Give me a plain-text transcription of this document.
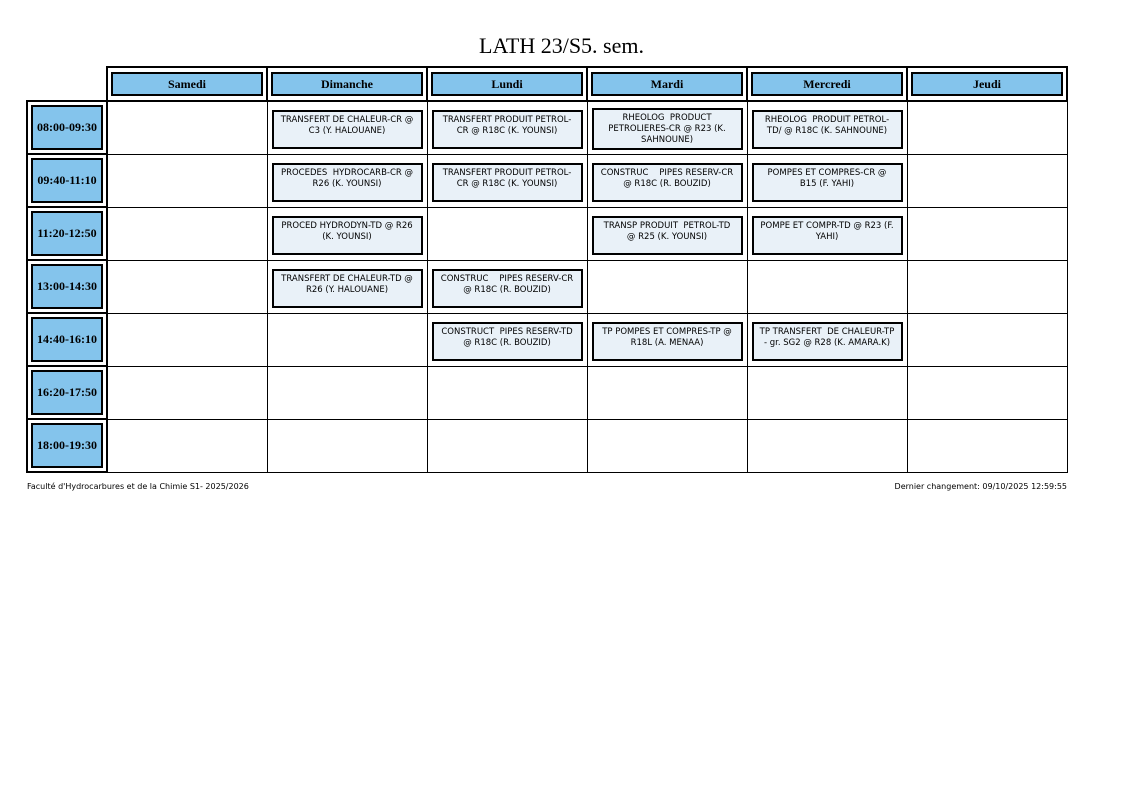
LATH 23/S5. sem.

	Samedi	Dimanche	Lundi	Mardi	Mercredi	Jeudi

08:00-09:30		TRANSFERT DE CHALEUR-CR @ C3 (Y. HALOUANE)	TRANSFERT PRODUIT PETROL-CR @ R18C (K. YOUNSI)	RHEOLOG  PRODUCT PETROLIERES-CR @ R23 (K. SAHNOUNE)	RHEOLOG  PRODUIT PETROL-TD/ @ R18C (K. SAHNOUNE)	

09:40-11:10		PROCEDES  HYDROCARB-CR @ R26 (K. YOUNSI)	TRANSFERT PRODUIT PETROL-CR @ R18C (K. YOUNSI)	CONSTRUC    PIPES RESERV-CR @ R18C (R. BOUZID)	POMPES ET COMPRES-CR @ B15 (F. YAHI)	

11:20-12:50		PROCED HYDRODYN-TD @ R26 (K. YOUNSI)		TRANSP PRODUIT  PETROL-TD @ R25 (K. YOUNSI)	POMPE ET COMPR-TD @ R23 (F. YAHI)	

13:00-14:30		TRANSFERT DE CHALEUR-TD @ R26 (Y. HALOUANE)	CONSTRUC    PIPES RESERV-CR @ R18C (R. BOUZID)			

14:40-16:10			CONSTRUCT  PIPES RESERV-TD @ R18C (R. BOUZID)	TP POMPES ET COMPRES-TP @ R18L (A. MENAA)	TP TRANSFERT  DE CHALEUR-TP - gr. SG2 @ R28 (K. AMARA.K)	

16:20-17:50						

18:00-19:30						

Faculté d'Hydrocarbures et de la Chimie S1- 2025/2026	Dernier changement: 09/10/2025 12:59:55
